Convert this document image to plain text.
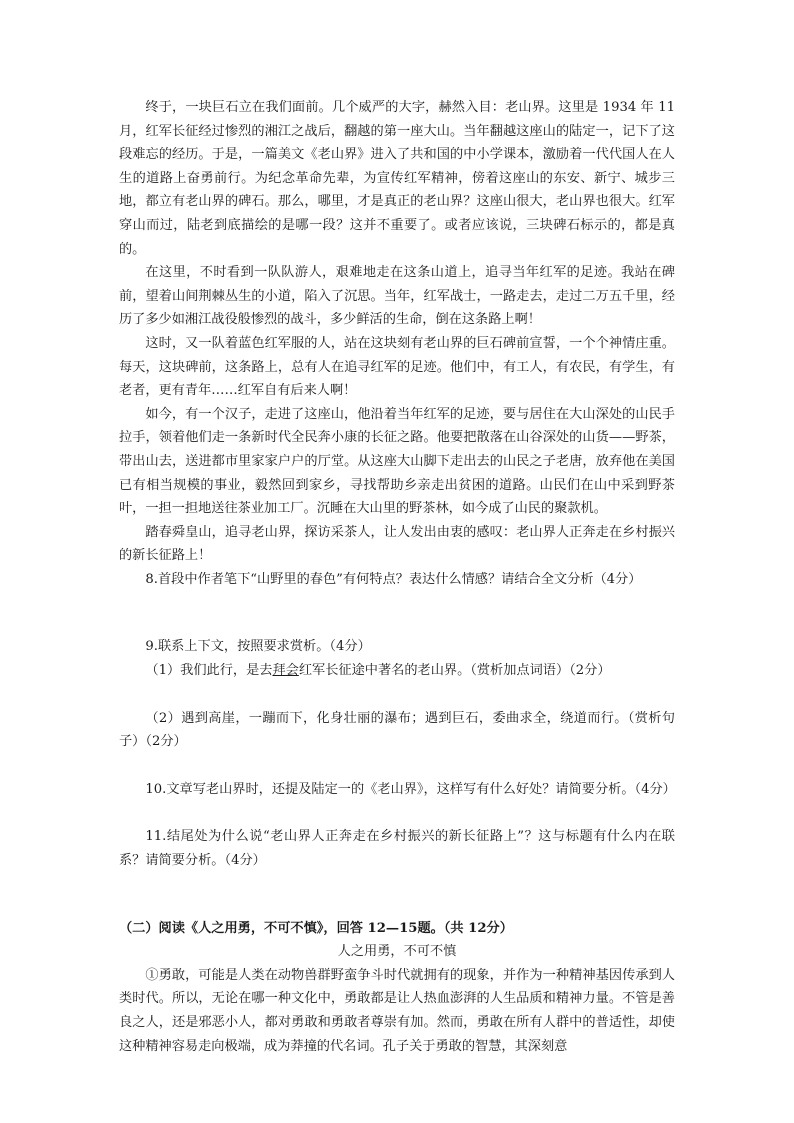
终于，一块巨石立在我们面前。几个威严的大字，赫然入目：老山界。这里是 1934 年 11 月，红军长征经过惨烈的湘江之战后，翻越的第一座大山。当年翻越这座山的陆定一，记下了这段难忘的经历。于是，一篇美文《老山界》进入了共和国的中小学课本，激励着一代代国人在人生的道路上奋勇前行。为纪念革命先辈，为宣传红军精神，傍着这座山的东安、新宁、城步三地，都立有老山界的碑石。那么，哪里，才是真正的老山界？这座山很大，老山界也很大。红军穿山而过，陆老到底描绘的是哪一段？这并不重要了。或者应该说，三块碑石标示的，都是真的。

在这里，不时看到一队队游人，艰难地走在这条山道上，追寻当年红军的足迹。我站在碑前，望着山间荆棘丛生的小道，陷入了沉思。当年，红军战士，一路走去，走过二万五千里，经历了多少如湘江战役般惨烈的战斗，多少鲜活的生命，倒在这条路上啊！

这时，又一队着蓝色红军服的人，站在这块刻有老山界的巨石碑前宣誓，一个个神情庄重。每天，这块碑前，这条路上，总有人在追寻红军的足迹。他们中，有工人，有农民，有学生，有老者，更有青年……红军自有后来人啊！

如今，有一个汉子，走进了这座山，他沿着当年红军的足迹，要与居住在大山深处的山民手拉手，领着他们走一条新时代全民奔小康的长征之路。他要把散落在山谷深处的山货——野茶，带出山去，送进都市里家家户户的厅堂。从这座大山脚下走出去的山民之子老唐，放弃他在美国已有相当规模的事业，毅然回到家乡，寻找帮助乡亲走出贫困的道路。山民们在山中采到野茶叶，一担一担地送往茶业加工厂。沉睡在大山里的野茶林，如今成了山民的聚款机。

踏春舜皇山，追寻老山界，探访采茶人，让人发出由衷的感叹：老山界人正奔走在乡村振兴的新长征路上！

8.首段中作者笔下“山野里的春色”有何特点？表达什么情感？请结合全文分析（4分）

9.联系上下文，按照要求赏析。（4分）

（1）我们此行，是去拜会红军长征途中著名的老山界。（赏析加点词语）（2分）

（2）遇到高崖，一蹦而下，化身壮丽的瀑布；遇到巨石，委曲求全，绕道而行。（赏析句子）（2分）

10.文章写老山界时，还提及陆定一的《老山界》，这样写有什么好处？请简要分析。（4分）

11.结尾处为什么说“老山界人正奔走在乡村振兴的新长征路上”？这与标题有什么内在联系？请简要分析。（4分）

（二）阅读《人之用勇，不可不慎》，回答 12—15题。（共 12分）

人之用勇，不可不慎

①勇敢，可能是人类在动物兽群野蛮争斗时代就拥有的现象，并作为一种精神基因传承到人类时代。所以，无论在哪一种文化中，勇敢都是让人热血澎湃的人生品质和精神力量。不管是善良之人，还是邪恶小人，都对勇敢和勇敢者尊崇有加。然而，勇敢在所有人群中的普适性，却使这种精神容易走向极端，成为莽撞的代名词。孔子关于勇敢的智慧，其深刻意
